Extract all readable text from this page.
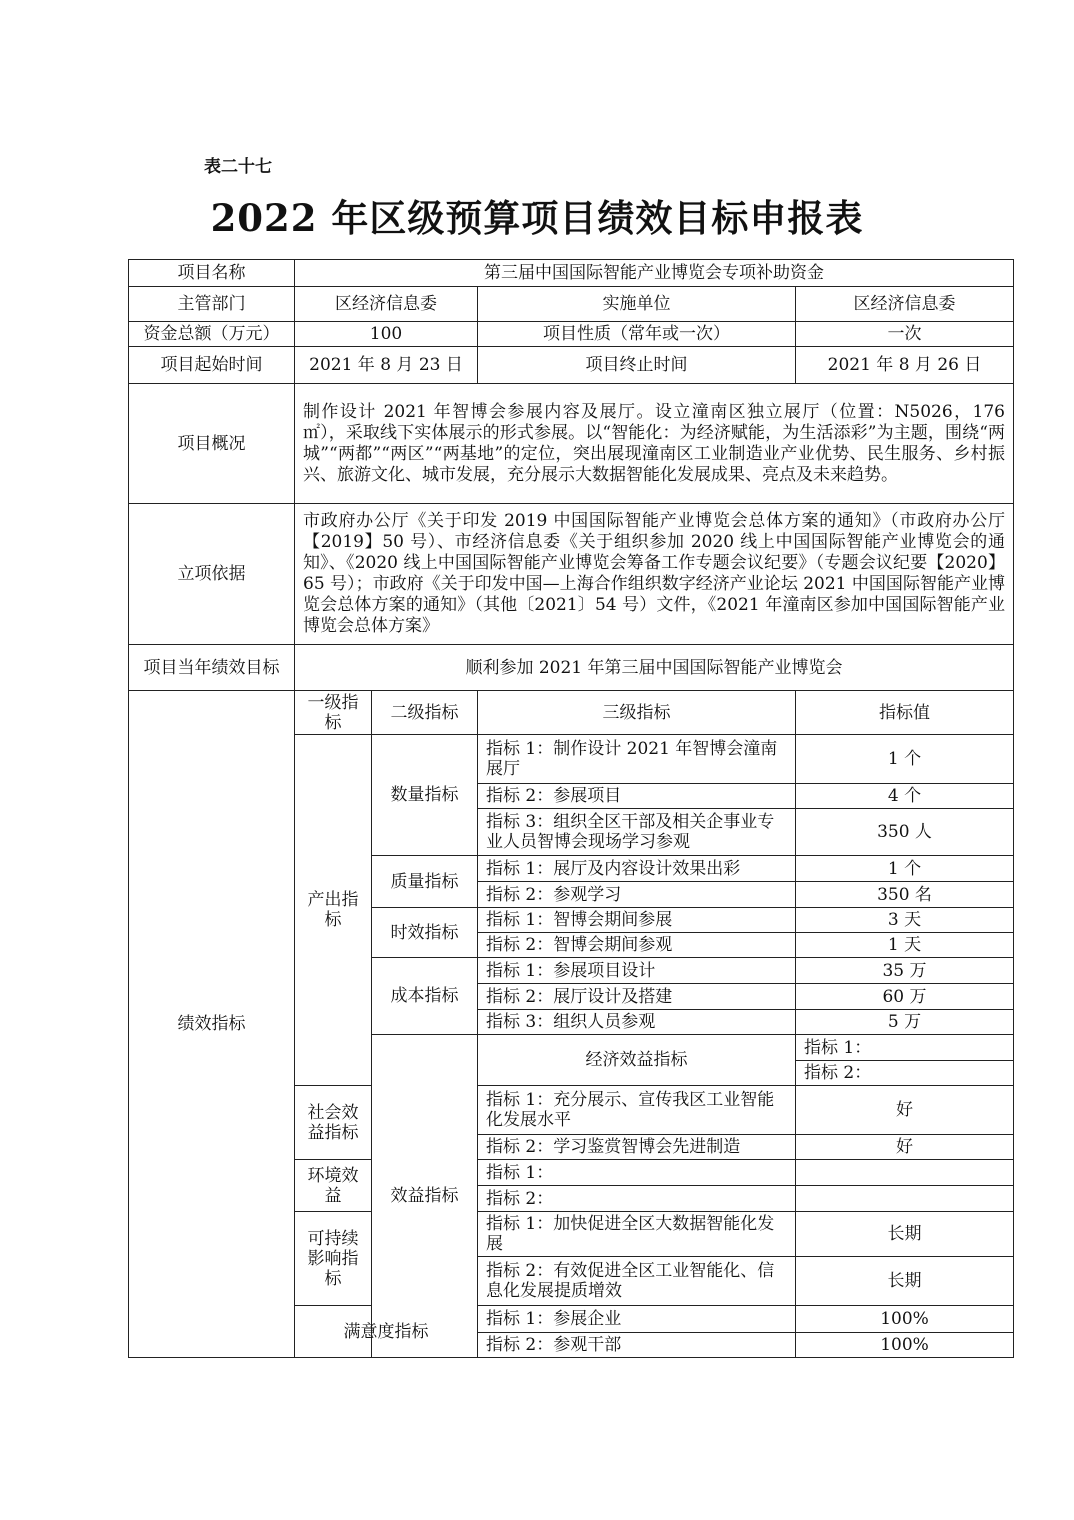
表二十七
2022 年区级预算项目绩效目标申报表
项目名称	第三届中国国际智能产业博览会专项补助资金				
主管部门	区经济信息委		实施单位	区经济信息委	
资金总额（万元）	100		项目性质（常年或一次）	一次	
项目起始时间	2021 年 8 月 23 日		项目终止时间	2021 年 8 月 26 日	
项目概况	制作设计 2021 年智博会参展内容及展厅。设立潼南区独立展厅（位置：N5026，176 ㎡），采取线下实体展示的形式参展。以“智能化：为经济赋能，为生活添彩”为主题，围绕“两城”“两都”“两区”“两基地”的定位，突出展现潼南区工业制造业产业优势、民生服务、乡村振兴、旅游文化、城市发展，充分展示大数据智能化发展成果、亮点及未来趋势。				
立项依据	市政府办公厅《关于印发 2019 中国国际智能产业博览会总体方案的通知》（市政府办公厅【2019】50 号）、市经济信息委《关于组织参加 2020 线上中国国际智能产业博览会的通知》、《2020 线上中国国际智能产业博览会筹备工作专题会议纪要》（专题会议纪要【2020】65 号）；市政府《关于印发中国—上海合作组织数字经济产业论坛 2021 中国国际智能产业博览会总体方案的通知》（其他〔2021〕54 号）文件，《2021 年潼南区参加中国国际智能产业博览会总体方案》				
项目当年绩效目标	顺利参加 2021 年第三届中国国际智能产业博览会				
绩效指标	一级指标	二级指标	三级指标	指标值	
	产出指标	数量指标	指标 1：制作设计 2021 年智博会潼南展厅	1 个	
			指标 2：参展项目	4 个	
			指标 3：组织全区干部及相关企事业专业人员智博会现场学习参观	350 人	
		质量指标	指标 1：展厅及内容设计效果出彩	1 个	
			指标 2：参观学习	350 名	
		时效指标	指标 1：智博会期间参展	3 天	
			指标 2：智博会期间参观	1 天	
		成本指标	指标 1：参展项目设计	35 万	
			指标 2：展厅设计及搭建	60 万	
			指标 3：组织人员参观	5 万	
		效益指标	经济效益指标	指标 1：	
				指标 2：	
	社会效益指标		指标 1：充分展示、宣传我区工业智能化发展水平	好	
			指标 2：学习鉴赏智博会先进制造	好	
	环境效益		指标 1：		
			指标 2：		
	可持续影响指标		指标 1：加快促进全区大数据智能化发展	长期	
			指标 2：有效促进全区工业智能化、信息化发展提质增效	长期	
	满意度指标		指标 1：参展企业	100%	
			指标 2：参观干部	100%	
